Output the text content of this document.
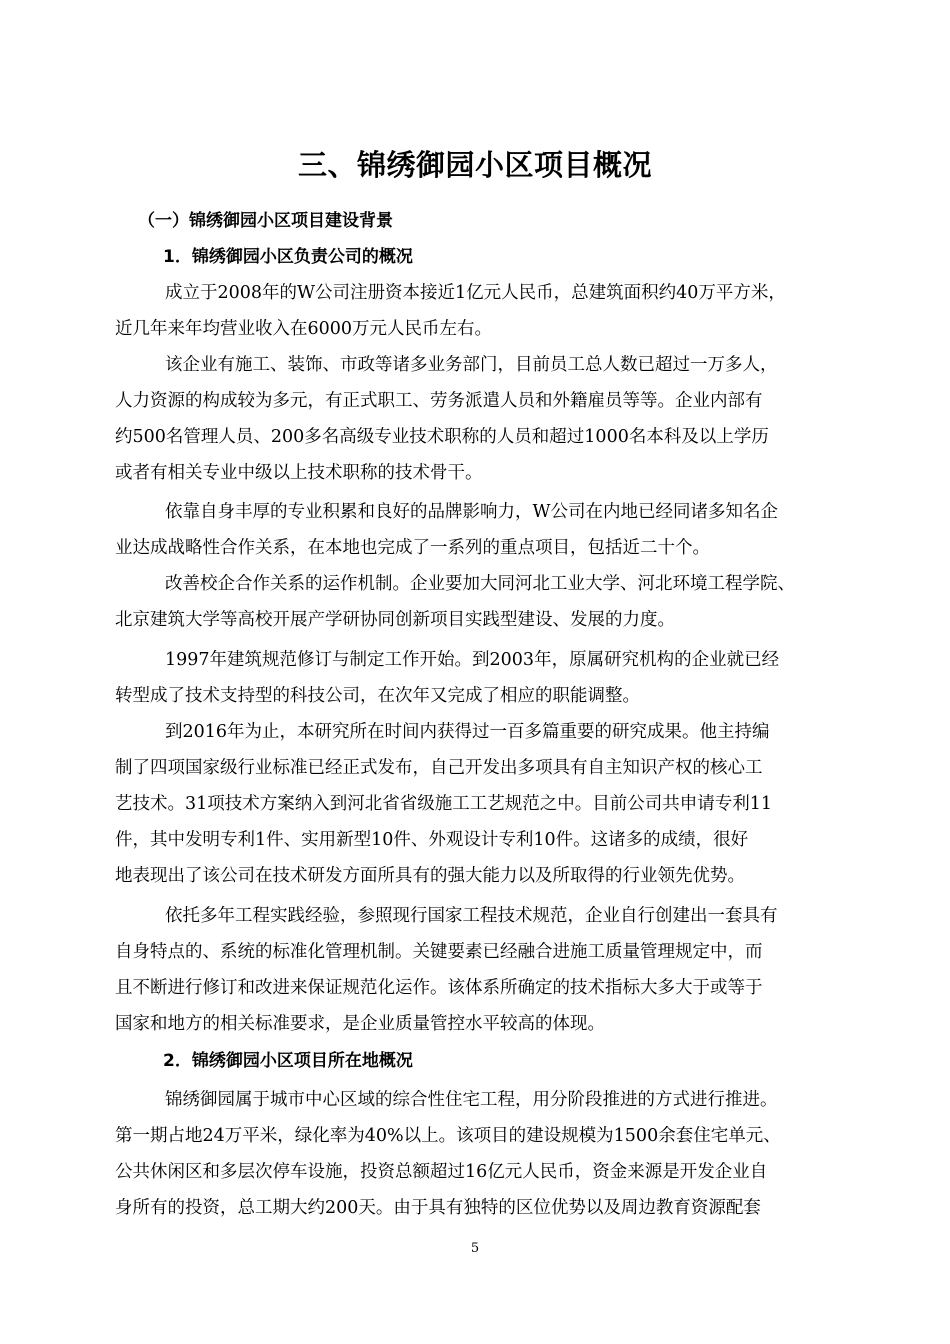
三、锦绣御园小区项目概况
（一）锦绣御园小区项目建设背景
1．锦绣御园小区负责公司的概况
成立于2008年的W公司注册资本接近1亿元人民币，总建筑面积约40万平方米，
近几年来年均营业收入在6000万元人民币左右。
该企业有施工、装饰、市政等诸多业务部门，目前员工总人数已超过一万多人，
人力资源的构成较为多元，有正式职工、劳务派遣人员和外籍雇员等等。企业内部有
约500名管理人员、200多名高级专业技术职称的人员和超过1000名本科及以上学历
或者有相关专业中级以上技术职称的技术骨干。
依靠自身丰厚的专业积累和良好的品牌影响力，W公司在内地已经同诸多知名企
业达成战略性合作关系，在本地也完成了一系列的重点项目，包括近二十个。
改善校企合作关系的运作机制。企业要加大同河北工业大学、河北环境工程学院、
北京建筑大学等高校开展产学研协同创新项目实践型建设、发展的力度。
1997年建筑规范修订与制定工作开始。到2003年，原属研究机构的企业就已经
转型成了技术支持型的科技公司，在次年又完成了相应的职能调整。
到2016年为止，本研究所在时间内获得过一百多篇重要的研究成果。他主持编
制了四项国家级行业标准已经正式发布，自己开发出多项具有自主知识产权的核心工
艺技术。31项技术方案纳入到河北省省级施工工艺规范之中。目前公司共申请专利11
件，其中发明专利1件、实用新型10件、外观设计专利10件。这诸多的成绩，很好
地表现出了该公司在技术研发方面所具有的强大能力以及所取得的行业领先优势。
依托多年工程实践经验，参照现行国家工程技术规范，企业自行创建出一套具有
自身特点的、系统的标准化管理机制。关键要素已经融合进施工质量管理规定中，而
且不断进行修订和改进来保证规范化运作。该体系所确定的技术指标大多大于或等于
国家和地方的相关标准要求，是企业质量管控水平较高的体现。
2．锦绣御园小区项目所在地概况
锦绣御园属于城市中心区域的综合性住宅工程，用分阶段推进的方式进行推进。
第一期占地24万平米，绿化率为40%以上。该项目的建设规模为1500余套住宅单元、
公共休闲区和多层次停车设施，投资总额超过16亿元人民币，资金来源是开发企业自
身所有的投资，总工期大约200天。由于具有独特的区位优势以及周边教育资源配套
5
